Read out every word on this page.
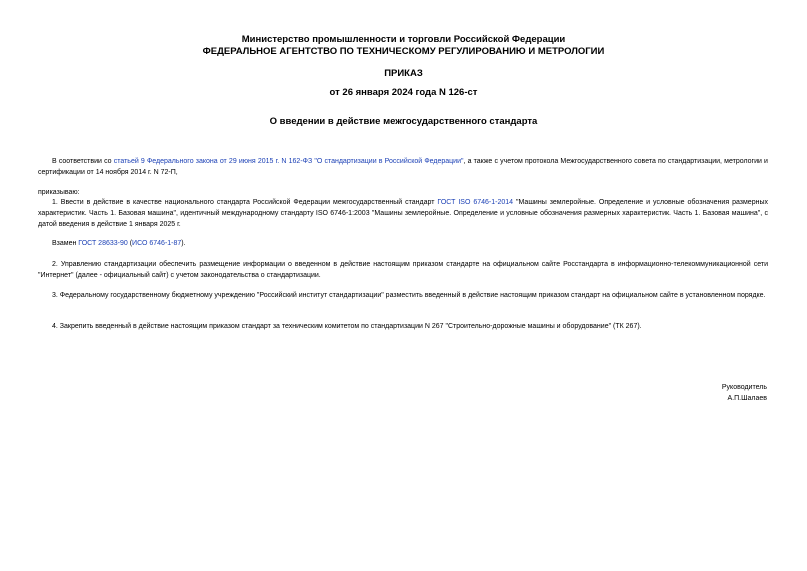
Министерство промышленности и торговли Российской Федерации
ФЕДЕРАЛЬНОЕ АГЕНТСТВО ПО ТЕХНИЧЕСКОМУ РЕГУЛИРОВАНИЮ И МЕТРОЛОГИИ
ПРИКАЗ
от 26 января 2024 года N 126-ст
О введении в действие межгосударственного стандарта
В соответствии со статьей 9 Федерального закона от 29 июня 2015 г. N 162-ФЗ "О стандартизации в Российской Федерации", а также с учетом протокола Межгосударственного совета по стандартизации, метрологии и сертификации от 14 ноября 2014 г. N 72-П,
приказываю:
1. Ввести в действие в качестве национального стандарта Российской Федерации межгосударственный стандарт ГОСТ ISO 6746-1-2014 "Машины землеройные. Определение и условные обозначения размерных характеристик. Часть 1. Базовая машина", идентичный международному стандарту ISO 6746-1:2003 "Машины землеройные. Определение и условные обозначения размерных характеристик. Часть 1. Базовая машина", с датой введения в действие 1 января 2025 г.
Взамен ГОСТ 28633-90 (ИСО 6746-1-87).
2. Управлению стандартизации обеспечить размещение информации о введенном в действие настоящим приказом стандарте на официальном сайте Росстандарта в информационно-телекоммуникационной сети "Интернет" (далее - официальный сайт) с учетом законодательства о стандартизации.
3. Федеральному государственному бюджетному учреждению "Российский институт стандартизации" разместить введенный в действие настоящим приказом стандарт на официальном сайте в установленном порядке.
4. Закрепить введенный в действие настоящим приказом стандарт за техническим комитетом по стандартизации N 267 "Строительно-дорожные машины и оборудование" (ТК 267).
Руководитель
А.П.Шалаев
